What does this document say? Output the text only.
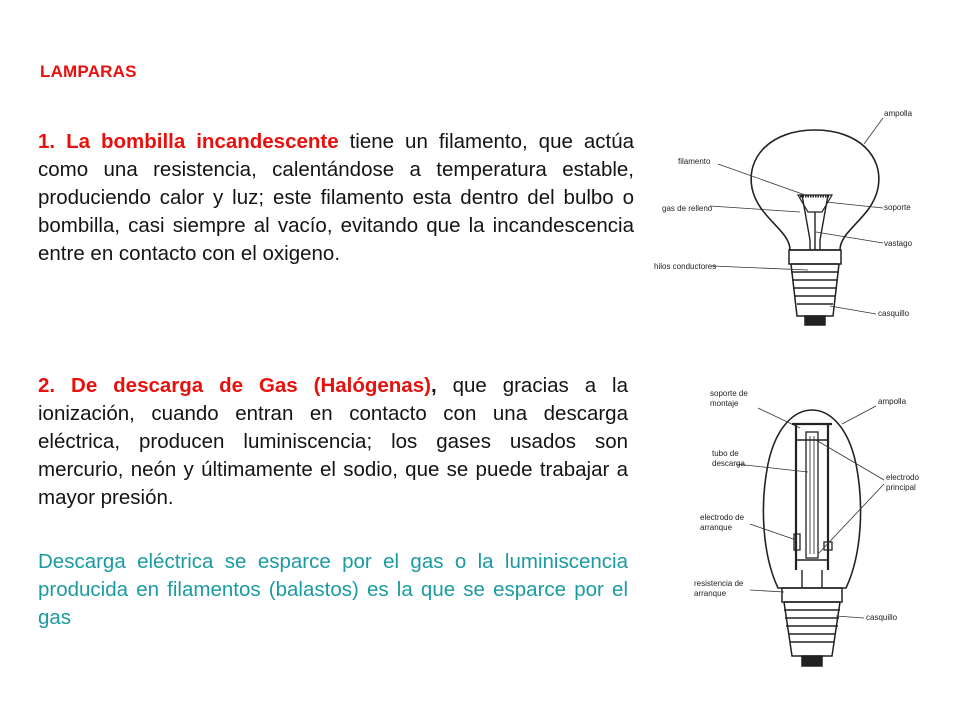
LAMPARAS
1. La bombilla incandescente tiene un filamento, que actúa como una resistencia, calentándose a temperatura estable, produciendo calor y luz; este filamento esta dentro del bulbo o bombilla, casi siempre al vacío, evitando que la incandescencia entre en contacto con el oxigeno.
2. De descarga de Gas (Halógenas), que gracias a la ionización, cuando entran en contacto con una descarga eléctrica, producen luminiscencia; los gases usados son mercurio, neón y últimamente el sodio, que se puede trabajar a mayor presión.
Descarga eléctrica se esparce por el gas o la luminiscencia producida en filamentos (balastos) es la que se esparce por el gas
ampolla
filamento
gas de relleno	soporte
vastago
hilos conductores
casquillo
soporte de
montaje	ampolla
tubo de
descarga
electrodo
principal
electrodo de
arranque
resistencia de
arranque
casquillo
